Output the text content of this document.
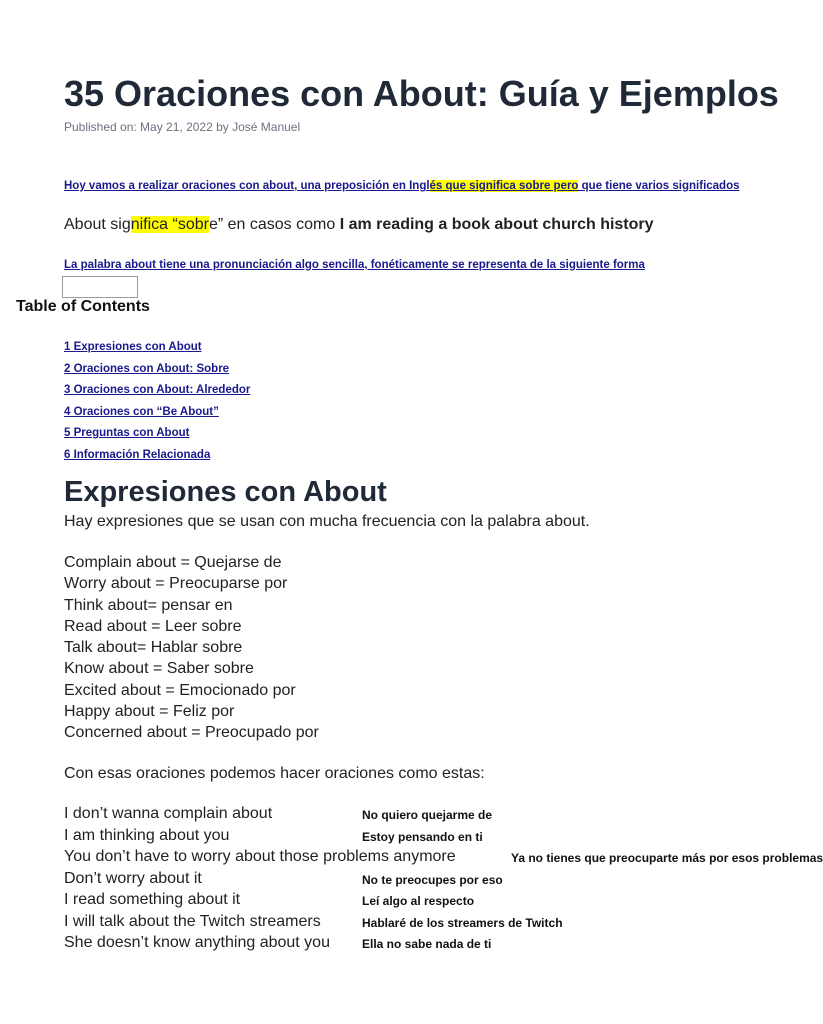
35 Oraciones con About: Guía y Ejemplos
Published on: May 21, 2022 by José Manuel
Hoy vamos a realizar oraciones con about, una preposición en Inglés que significa sobre pero que tiene varios significados
About significa “sobre” en casos como I am reading a book about church history
La palabra about tiene una pronunciación algo sencilla, fonéticamente se representa de la siguiente forma
Table of Contents
1 Expresiones con About
2 Oraciones con About: Sobre
3 Oraciones con About: Alrededor
4 Oraciones con “Be About”
5 Preguntas con About
6 Información Relacionada
Expresiones con About
Hay expresiones que se usan con mucha frecuencia con la palabra about.
Complain about = Quejarse de
Worry about = Preocuparse por
Think about= pensar en
Read about = Leer sobre
Talk about= Hablar sobre
Know about = Saber sobre
Excited about = Emocionado por
Happy about = Feliz por
Concerned about = Preocupado por
Con esas oraciones podemos hacer oraciones como estas:
I don’t wanna complain about	No quiero quejarme de
I am thinking about you	Estoy pensando en ti
You don’t have to worry about those problems anymore	Ya no tienes que preocuparte más por esos problemas
Don’t worry about it	No te preocupes por eso
I read something about it	Leí algo al respecto
I will talk about the Twitch streamers	Hablaré de los streamers de Twitch
She doesn’t know anything about you	Ella no sabe nada de ti
